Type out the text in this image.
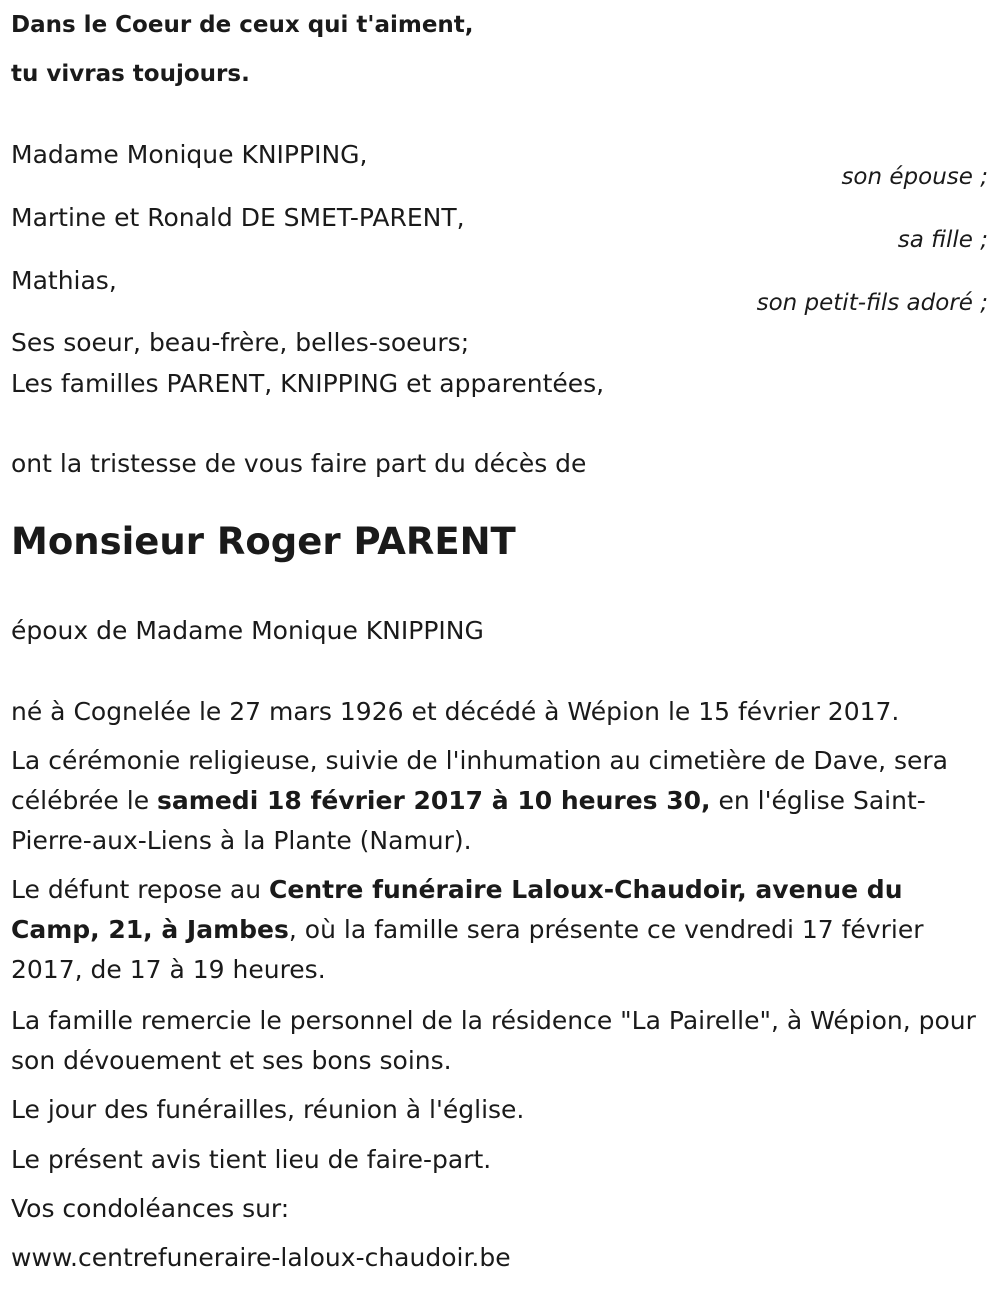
Dans le Coeur de ceux qui t'aiment,
tu vivras toujours.
Madame Monique KNIPPING,
son épouse ;
Martine et Ronald DE SMET-PARENT,
sa fille ;
Mathias,
son petit-fils adoré ;
Ses soeur, beau-frère, belles-soeurs;
Les familles PARENT, KNIPPING et apparentées,
ont la tristesse de vous faire part du décès de
Monsieur Roger PARENT
époux de Madame Monique KNIPPING
né à Cognelée le 27 mars 1926 et décédé à Wépion le 15 février 2017.
La cérémonie religieuse, suivie de l'inhumation au cimetière de Dave, sera célébrée le samedi 18 février 2017 à 10 heures 30, en l'église Saint-Pierre-aux-Liens à la Plante (Namur).
Le défunt repose au Centre funéraire Laloux-Chaudoir, avenue du Camp, 21, à Jambes, où la famille sera présente ce vendredi 17 février 2017, de 17 à 19 heures.
La famille remercie le personnel de la résidence "La Pairelle", à Wépion, pour son dévouement et ses bons soins.
Le jour des funérailles, réunion à l'église.
Le présent avis tient lieu de faire-part.
Vos condoléances sur:
www.centrefuneraire-laloux-chaudoir.be
